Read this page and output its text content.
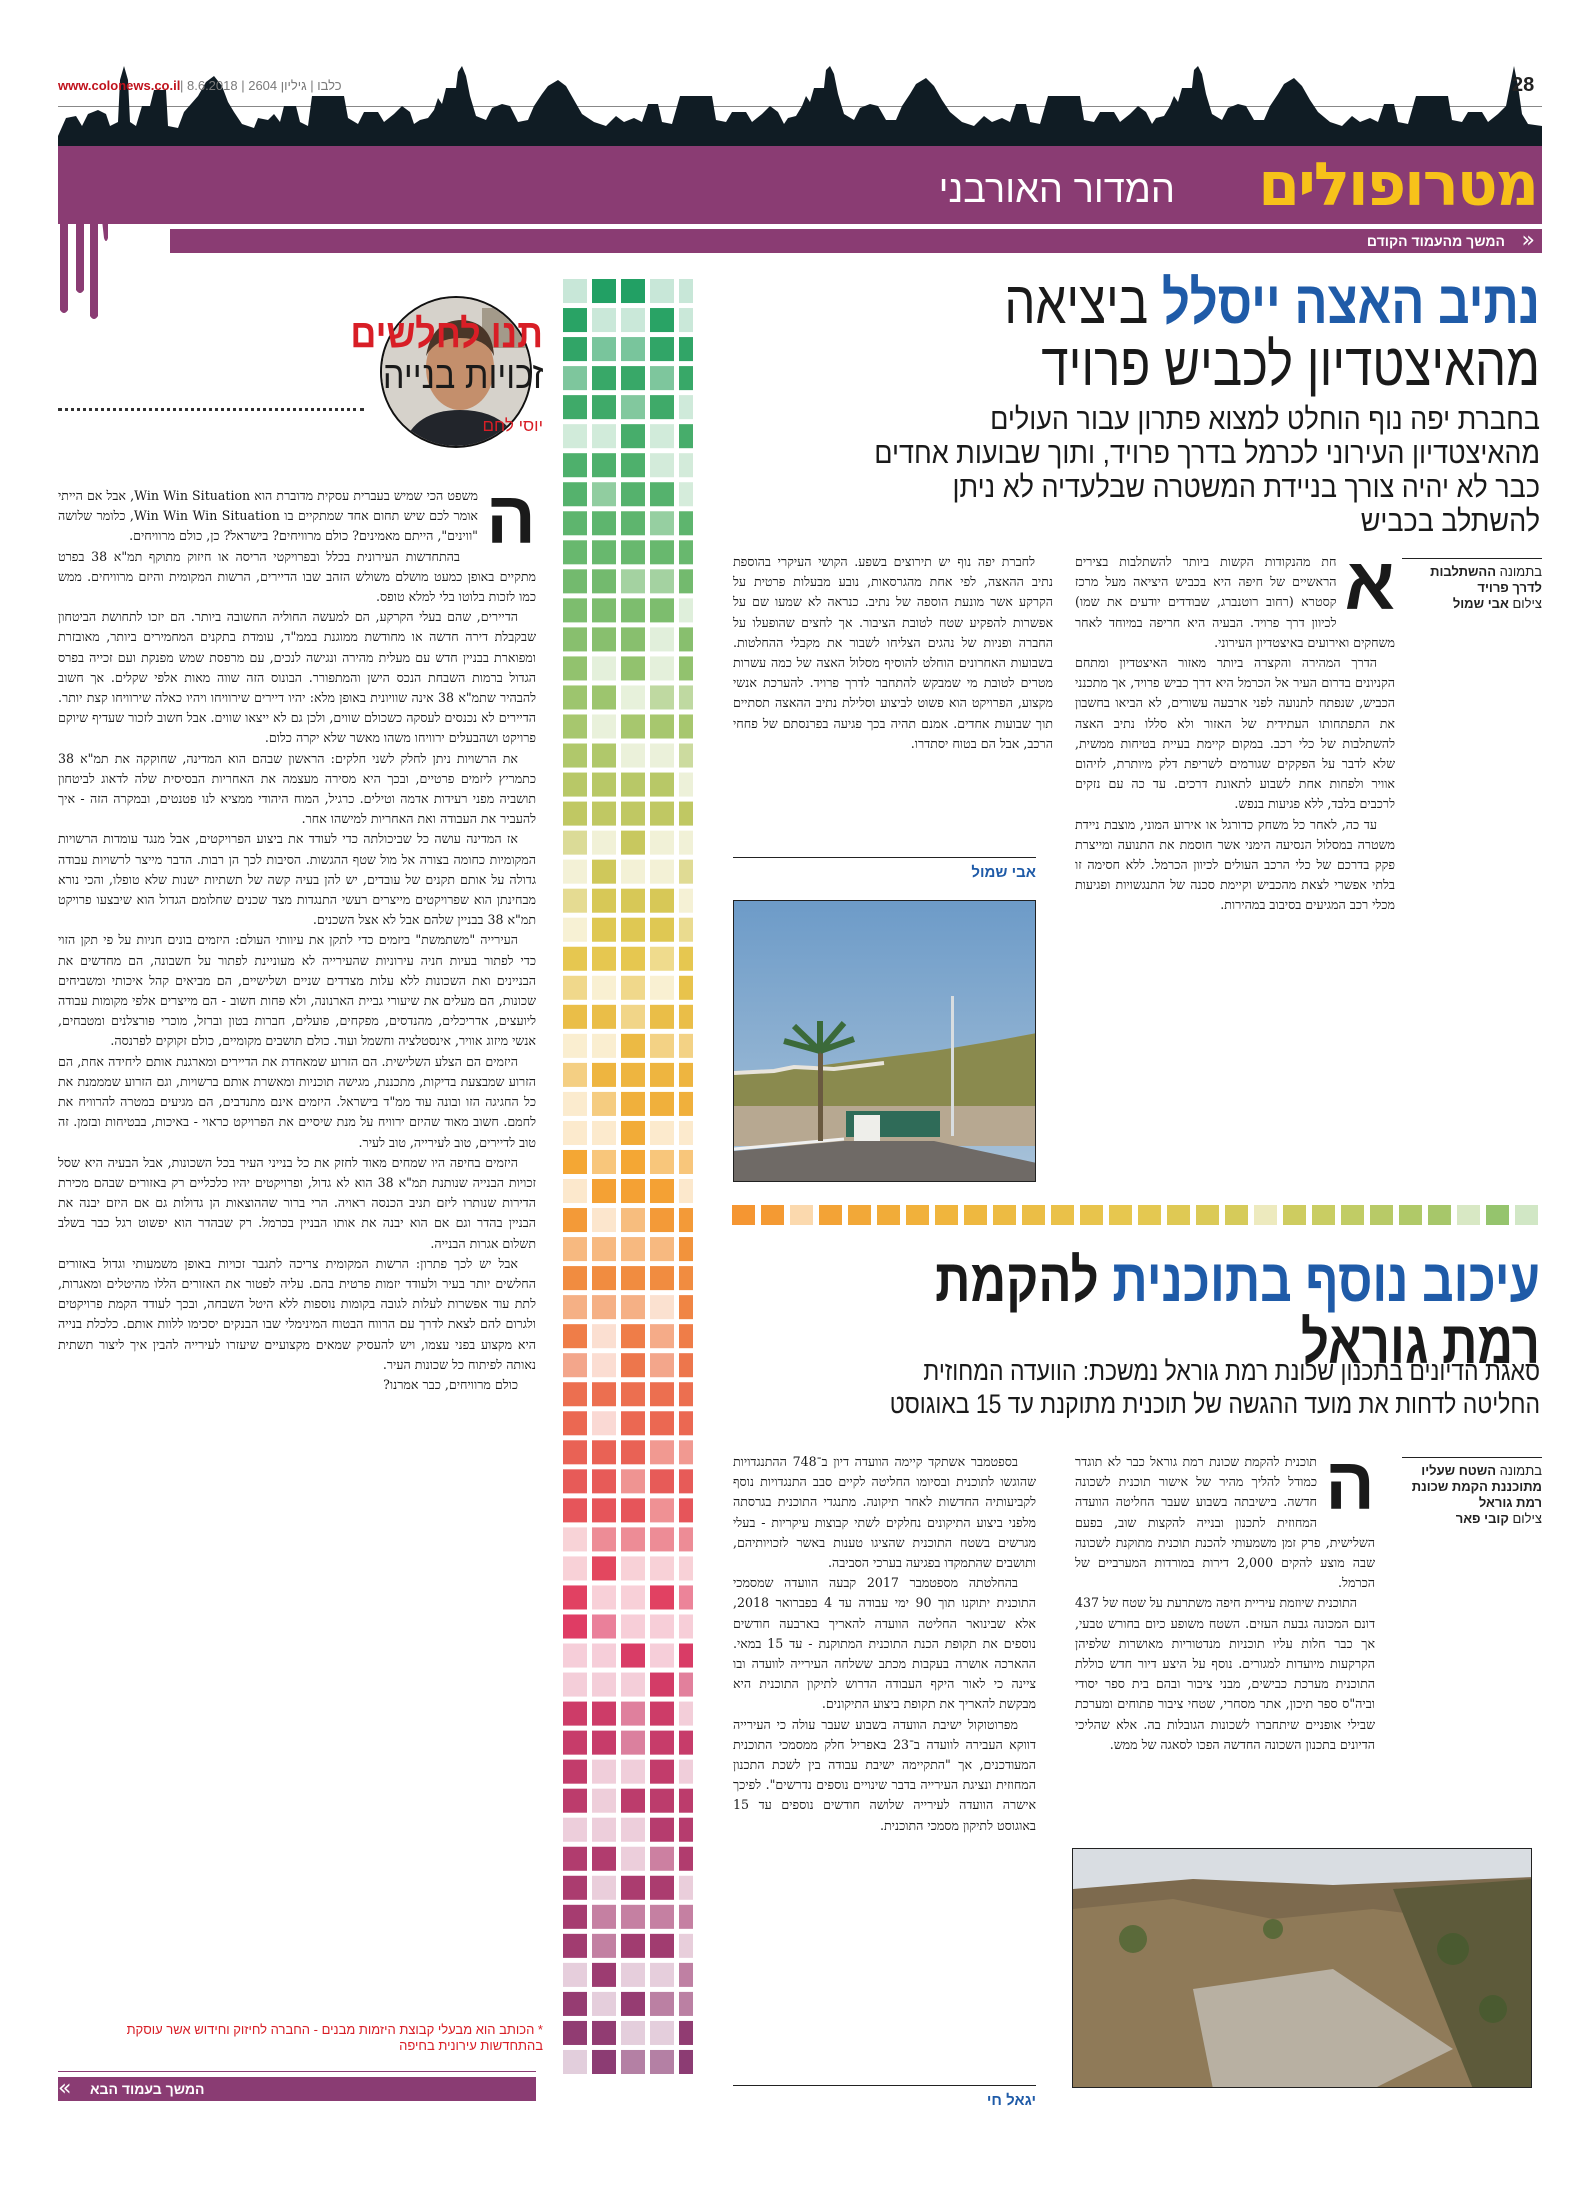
www.colonews.co.il | כלבו | גיליון 2604 | 8.6.2018	28
מטרופולים
המדור האורבני
המשך מהעמוד הקודם »
נתיב האצה ייסלל ביציאה מהאיצטדיון לכביש פרויד
בחברת יפה נוף הוחלט למצוא פתרון עבור העולים מהאיצטדיון העירוני לכרמל בדרך פרויד, ותוך שבועות אחדים כבר לא יהיה צורך בניידת המשטרה שבלעדיה לא ניתן להשתלב בכביש
בתמונה ההשתלבות לדרך פרויד
צילום אבי שמול
א

חת מהנקודות הקשות ביותר להשתלבות בצירים הראשיים של חיפה היא בכביש היציאה מעל מרכז קסטרא (רחוב רוטנברג, שבודדים יודעים את שמו) לכיוון דרך פרויד. הבעיה היא חריפה במיוחד לאחר משחקים ואירועים באיצטדיון העירוני.

הדרך המהירה והקצרה ביותר מאזור האיצטדיון ומתחם הקניונים בדרום העיר אל הכרמל היא דרך כביש פרויד, אך מתכנני הכביש, שנפתח לתנועה לפני ארבעה עשורים, לא הביאו בחשבון את התפתחותו העתידית של האזור ולא סללו נתיב האצה להשתלבות של כלי רכב. במקום קיימת בעיית בטיחות ממשית, שלא לדבר על הפקקים שגורמים לשריפת דלק מיותרת, לזיהום אוויר ולפחות אחת לשבוע לתאונת דרכים. עד כה עם נזקים לרכבים בלבד, ללא פגיעות בנפש.

עד כה, לאחר כל משחק כדורגל או אירוע המוני, מוצבת ניידת משטרה במסלול הנסיעה הימני אשר חוסמת את התנועה ומייצרת פקק בדרכם של כלי הרכב העולים לכיוון הכרמל. ללא חסימה זו בלתי אפשרי לצאת מהכביש וקיימת סכנה של התנגשויות ופגיעות מכלי רכב המגיעים בסיבוב במהירות.

לחברת יפה נוף יש תירוצים בשפע. הקושי העיקרי בהוספת נתיב ההאצה, לפי אחת מהגרסאות, נובע מבעלות פרטית על הקרקע אשר מונעת הוספה של נתיב. כנראה לא שמעו שם על אפשרות להפקיע שטח לטובת הציבור. אך לחצים שהופעלו על החברה ופניות של נהגים הצליחו לשבור את מקבלי ההחלטות. בשבועות האחרונים הוחלט להוסיף מסלול האצה של כמה עשרות מטרים לטובת מי שמבקש להתחבר לדרך פרויד. להערכת אנשי מקצוע, הפרויקט הוא פשוט לביצוע וסלילת נתיב ההאצה תסתיים תוך שבועות אחדים. אמנם תהיה בכך פגיעה בפרנסתם של פחחי הרכב, אבל הם בטוח יסתדרו.

אבי שמול
עיכוב נוסף בתוכנית להקמת רמת גוראל
סאגת הדיונים בתכנון שכונת רמת גוראל נמשכת: הוועדה המחוזית החליטה לדחות את מועד ההגשה של תוכנית מתוקנת עד 15 באוגוסט
בתמונה השטח שעליו מתוכננת הקמת שכונת רמת גוראל
צילום קובי פאר
ה

תוכנית להקמת שכונת רמת גוראל כבר לא תוגדר כמודל להליך מהיר של אישור תוכנית לשכונה חדשה. בישיבתה בשבוע שעבר החליטה הוועדה המחוזית לתכנון ובנייה להקצות שוב, בפעם השלישית, פרק זמן משמעותי להכנת תוכנית מתוקנת לשכונה שבה מוצע להקים 2,000 דירות במורדות המערביים של הכרמל.

התוכנית שיוזמת עיריית חיפה משתרעת על שטח של 437 דונם המכונה גבעת העזים. השטח משופע כיום בחורש טבעי, אך כבר חלות עליו תוכניות מנדטוריות מאושרות שלפיהן הקרקעות מיועדות למגורים. נוסף על היצע דיור חדש כוללת התוכנית מערכת כבישים, מבני ציבור ובהם בית ספר יסודי וביה"ס ספר תיכון, אתר מסחרי, שטחי ציבור פתוחים ומערכת שבילי אופניים שיתחברו לשכונות הגובלות בה. אלא שהליכי הדיונים בתכנון השכונה החדשה הפכו לסאגה של ממש.

בספטמבר אשתקד קיימה הוועדה דיון ב־748 ההתנגדויות שהוגשו לתוכנית ובסיומו החליטה לקיים סבב התנגדויות נוסף לקביעותיה החדשות לאחר תיקונה. מתנגדי התוכנית בגרסתה מלפני ביצוע התיקונים נחלקים לשתי קבוצות עיקריות - בעלי מגרשים בשטח התוכנית שהציגו טענות באשר לזכויותיהם, ותושבים שהתמקדו בפגיעה בערכי הסביבה.

בהחלטתה מספטמבר 2017 קבעה הוועדה שמסמכי התוכנית יתוקנו תוך 90 ימי עבודה עד 4 בפברואר 2018, אלא שבינואר החליטה הוועדה להאריך בארבעה חודשים נוספים את תקופת הכנת התוכנית המתוקנת - עד 15 במאי. ההארכה אושרה בעקבות מכתב ששלחה העירייה לוועדה ובו ציינה כי לאור היקף העבודה הדרוש לתיקון התוכנית היא מבקשת להאריך את תקופת ביצוע התיקונים.

מפרוטוקול ישיבת הוועדה בשבוע שעבר עולה כי העירייה דווקא העבירה לוועדה ב־23 באפריל חלק ממסמכי התוכנית המעודכנים, אך "התקיימה ישיבת עבודה בין לשכת התכנון המחוזית ונציגת העירייה בדבר שינויים נוספים נדרשים". לפיכך אישרה הוועדה לעירייה שלושה חודשים נוספים עד 15 באוגוסט לתיקון מסמכי התוכנית.

יגאל חי
תנו לחלשים
זכויות בנייה
יוסי לחם
ה

משפט הכי שמיש בעברית עסקית מדוברת הוא Win Win Situation, אבל אם הייתי אומר לכם שיש תחום אחד שמתקיים בו Win Win Win Situation, כלומר שלושה "ווינים", הייתם מאמינים? כולם מרוויחים? בישראל? כן, כולם מרוויחים.

בהתחדשות העירונית בכלל ובפרויקטי הריסה או חיזוק מתוקף תמ"א 38 בפרט מתקיים באופן כמעט מושלם משולש הזהב שבו הדיירים, הרשות המקומית והיזם מרוויחים. ממש כמו לזכות בלוטו בלי למלא טופס.

הדיירים, שהם בעלי הקרקע, הם למעשה החוליה החשובה ביותר. הם יזכו לתחושת הביטחון שבקבלת דירה חדשה או מחודשת ממוגנת בממ"ד, עומדת בתקנים המחמירים ביותר, מאובזרת ומפוארת בבניין חדש עם מעלית מהירה ונגישה לנכים, עם מרפסת שמש מפנקת ועם זכייה בפרס הגדול ברמות השבחת הנכס הישן והמתפורר. הבונוס הזה שווה מאות אלפי שקלים. אך חשוב להבהיר שתמ"א 38 אינה שוויונית באופן מלא: יהיו דיירים שירוויחו ויהיו כאלה שירוויחו קצת יותר. הדיירים לא נכנסים לעסקה כשכולם שווים, ולכן גם לא ייצאו שווים. אבל חשוב לזכור שעדיף שיוקם פרויקט ושהבעלים ירוויחו משהו מאשר שלא יקרה כלום.

את הרשויות ניתן לחלק לשני חלקים: הראשון שבהם הוא המדינה, שחוקקה את תמ"א 38 כתמריץ ליזמים פרטיים, ובכך היא מסירה מעצמה את האחריות הבסיסית שלה לדאוג לביטחון תושביה מפני רעידות אדמה וטילים. כרגיל, המוח היהודי ממציא לנו פטנטים, ובמקרה הזה - איך להעביר את העבודה ואת האחריות למישהו אחר.

אז המדינה עושה כל שביכולתה כדי לעודד את ביצוע הפרויקטים, אבל מנגד עומדות הרשויות המקומיות כחומה בצורה אל מול שטף ההגשות. הסיבות לכך הן רבות. הדבר מייצר לרשויות עבודה גדולה על אותם תקנים של עובדים, יש להן בעיה קשה של תשתיות ישנות שלא טופלו, והכי נורא מבחינתן הוא שפרויקטים מייצרים רעשי התנגדות מצד שכנים שחלומם הגדול הוא שיבצעו פרויקט תמ"א 38 בבניין שלהם אבל לא אצל השכנים.

העירייה "משתמשת" ביזמים כדי לתקן את עיוותי העולם: היזמים בונים חניות על פי תקן הזוי כדי לפתור בעיות חניה עירוניות שהעירייה לא מעוניינת לפתור על חשבונה, הם מחדשים את הבניינים ואת השכונות ללא עלות מצדדים שניים ושלישיים, הם מביאים קהל איכותי ומשביחים שכונות, הם מעלים את שיעורי גביית הארנונה, ולא פחות חשוב - הם מייצרים אלפי מקומות עבודה ליועצים, אדריכלים, מהנדסים, מפקחים, פועלים, חברות בטון וברזל, מוכרי פורצלנים ומטבחים, אנשי מיזוג אוויר, אינסטלציה וחשמל ועוד. כולם תושבים מקומיים, כולם זקוקים לפרנסה.

היזמים הם הצלע השלישית. הם הזרוע שמאחדת את הדיירים ומארגנת אותם ליחידה אחת, הם הזרוע שמבצעת בדיקות, מתכננת, מגישה תוכניות ומאשרת אותם ברשויות, וגם הזרוע שמממנת את כל החגיגה הזו ובונה עוד ממ"ד בישראל. היזמים אינם מתנדבים, הם מגיעים במטרה להרוויח את לחמם. חשוב מאוד שהיזם ירוויח על מנת שיסיים את הפרויקט כראוי - באיכות, בבטיחות ובזמן. זה טוב לדיירים, טוב לעירייה, טוב לעיר.

היזמים בחיפה היו שמחים מאוד לחזק את כל בנייני העיר בכל השכונות, אבל הבעיה היא שסל זכויות הבנייה שנותנת תמ"א 38 הוא לא גדול, ופרויקטים יהיו כלכליים רק באזורים שבהם מכירת הדירות שנותרו ליזם תניב הכנסה ראויה. הרי ברור שההוצאות הן גדולות גם אם היזם יבנה את הבניין בהדר וגם אם הוא יבנה את אותו הבניין בכרמל. רק שבהדר הוא יפשוט רגל כבר בשלב תשלום אגרות הבנייה.

אבל יש לכך פתרון: הרשות המקומית צריכה לתגבר זכויות באופן משמעותי וגדול באזורים החלשים יותר בעיר ולעודד יזמות פרטית בהם. עליה לפטור את האזורים הללו מהיטלים ומאגרות, לתת עוד אפשרות לעלות לגובה בקומות נוספות ללא היטל השבחה, ובכך לעודד הקמת פרויקטים ולגרום להם לצאת לדרך עם הרווח הבטוח המינימלי שבו הבנקים יסכימו ללוות אותם. כלכלת בנייה היא מקצוע בפני עצמו, ויש להעסיק שמאים מקצועיים שיעזרו לעירייה להבין איך ליצור תשתית נאותה לפיתוח כל שכונות העיר.

כולם מרוויחים, כבר אמרנו?

* הכותב הוא מבעלי קבוצת היזמות מבנים - החברה לחיזוק וחידוש אשר עוסקת בהתחדשות עירונית בחיפה
« המשך בעמוד הבא
